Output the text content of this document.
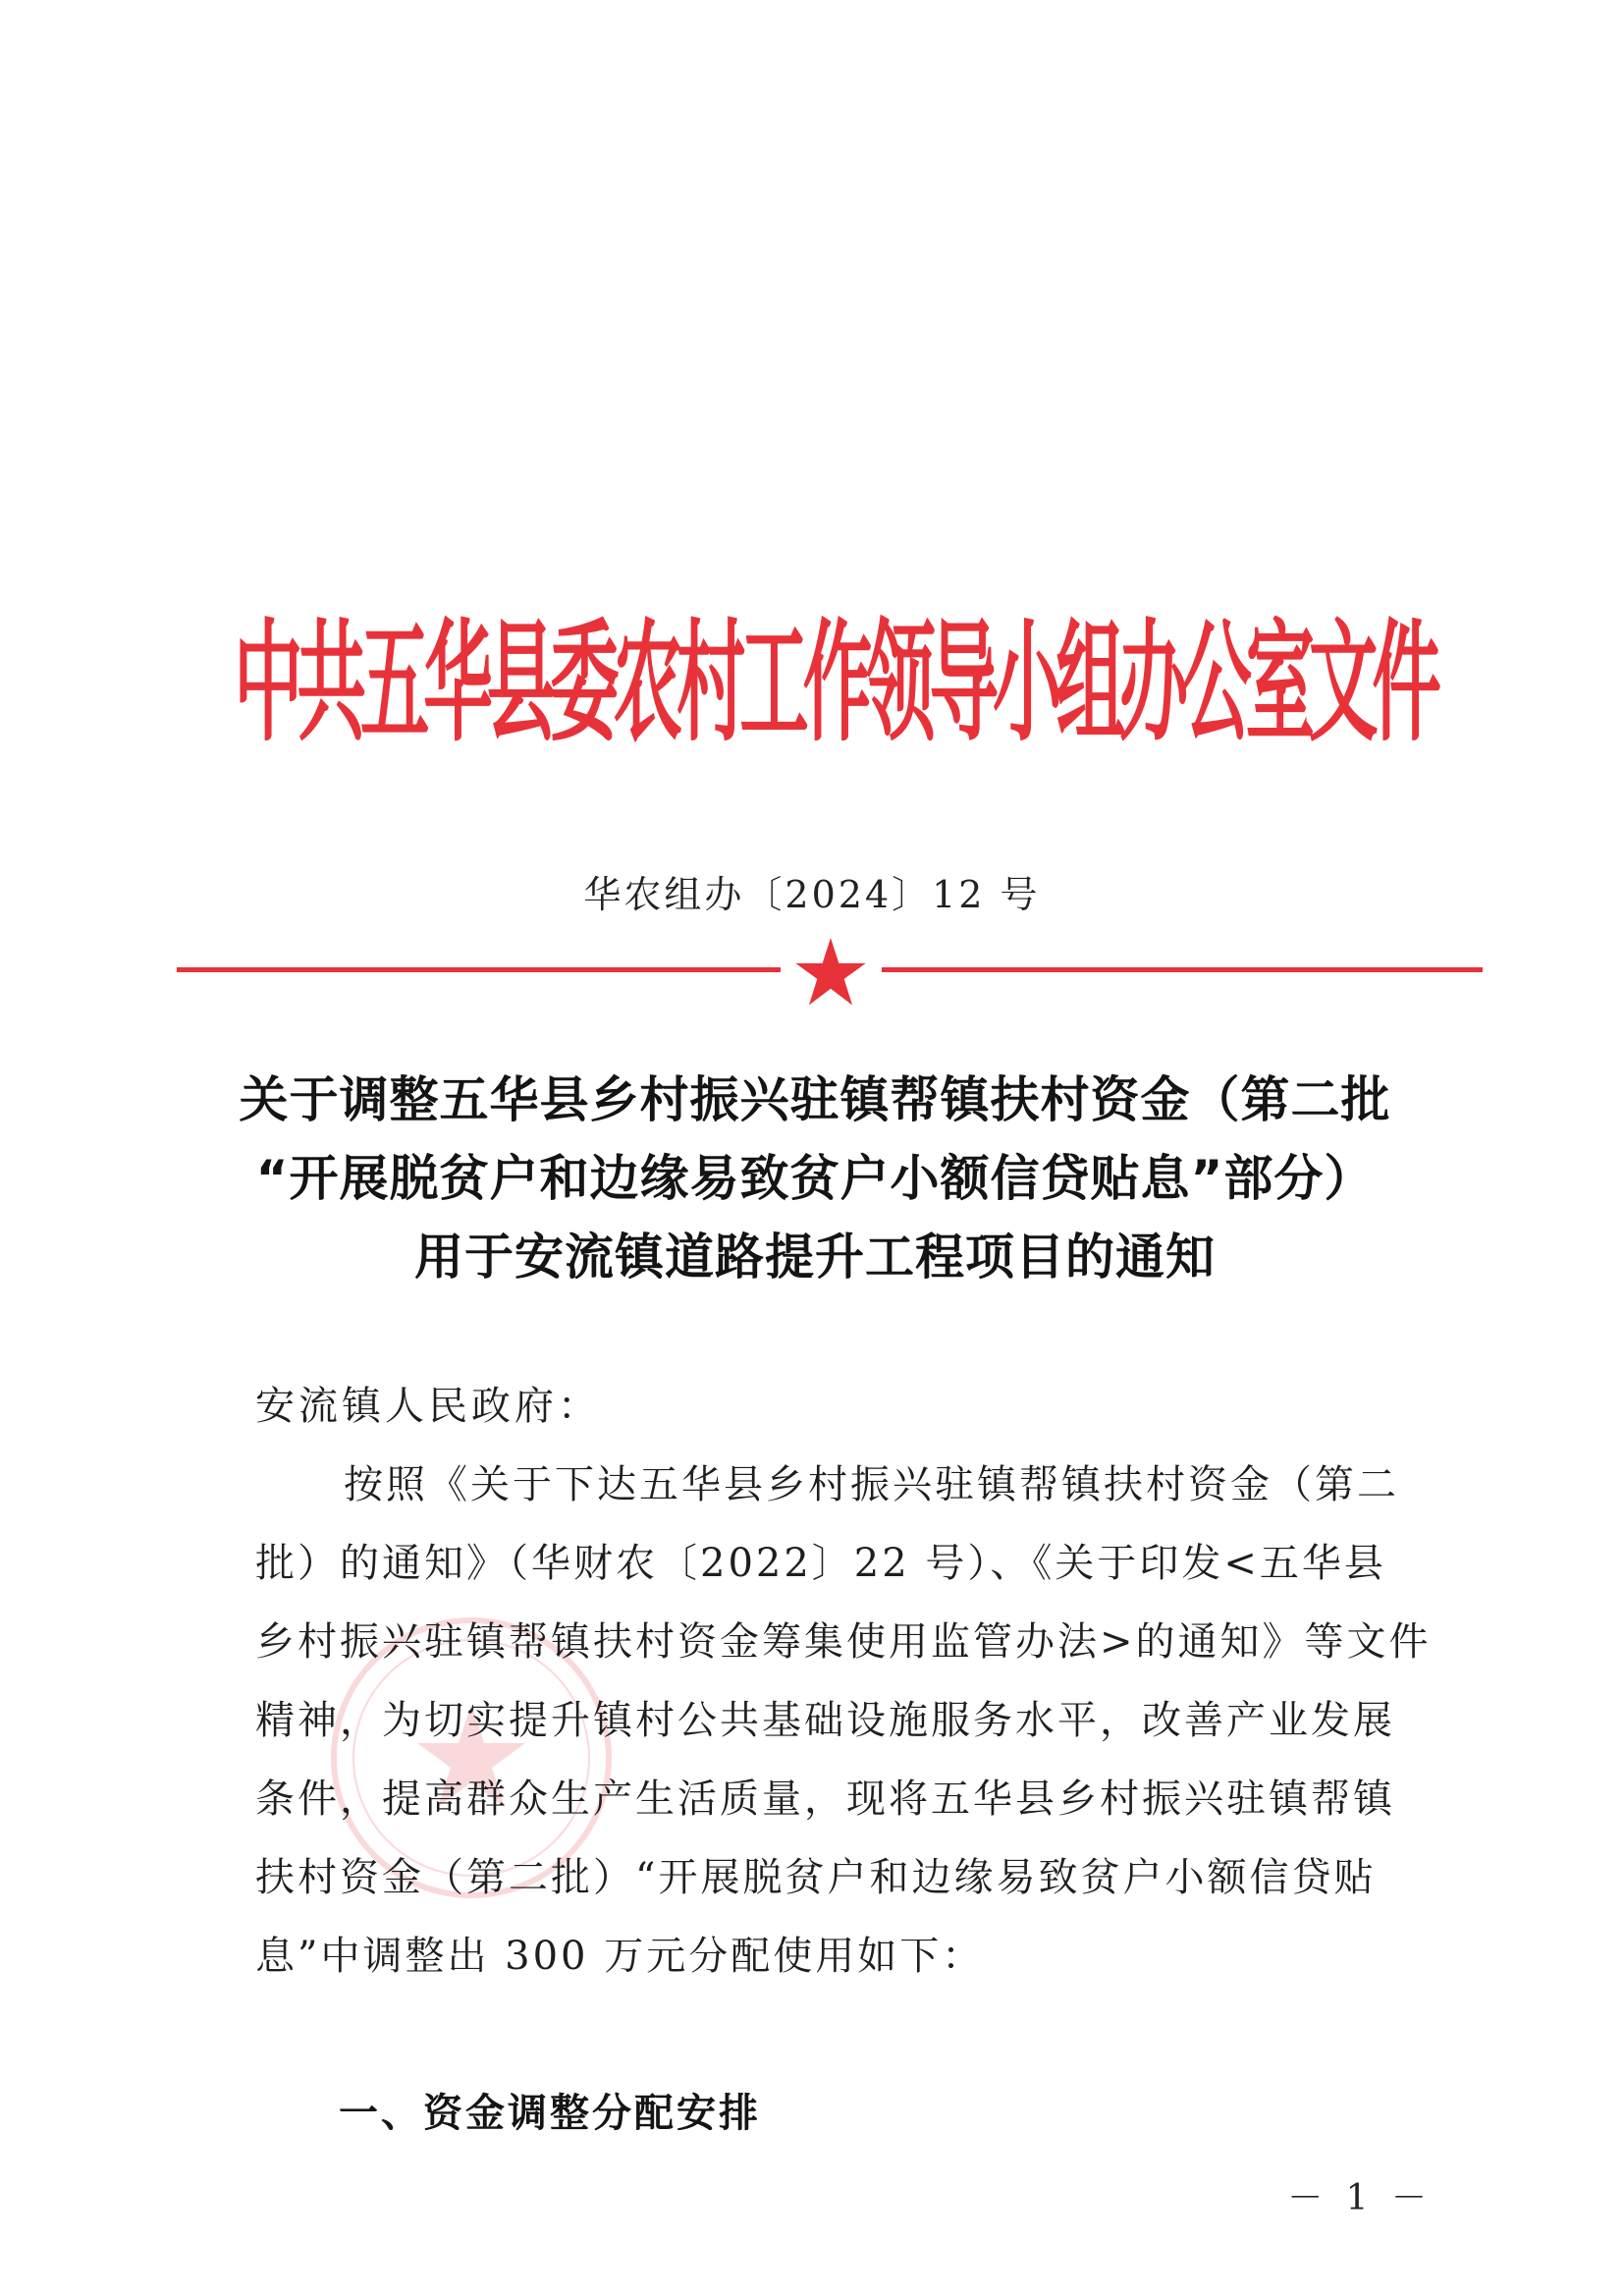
中共五华县委农村工作领导小组办公室文件
华农组办〔2024〕12 号
关于调整五华县乡村振兴驻镇帮镇扶村资金（第二批
“开展脱贫户和边缘易致贫户小额信贷贴息”部分）
用于安流镇道路提升工程项目的通知
安流镇人民政府：
按照《关于下达五华县乡村振兴驻镇帮镇扶村资金（第二
批）的通知》（华财农〔2022〕22 号）、《关于印发<五华县
乡村振兴驻镇帮镇扶村资金筹集使用监管办法>的通知》等文件
精神，为切实提升镇村公共基础设施服务水平，改善产业发展
条件，提高群众生产生活质量，现将五华县乡村振兴驻镇帮镇
扶村资金（第二批）“开展脱贫户和边缘易致贫户小额信贷贴
息”中调整出 300 万元分配使用如下：
一、资金调整分配安排
－ 1 －
